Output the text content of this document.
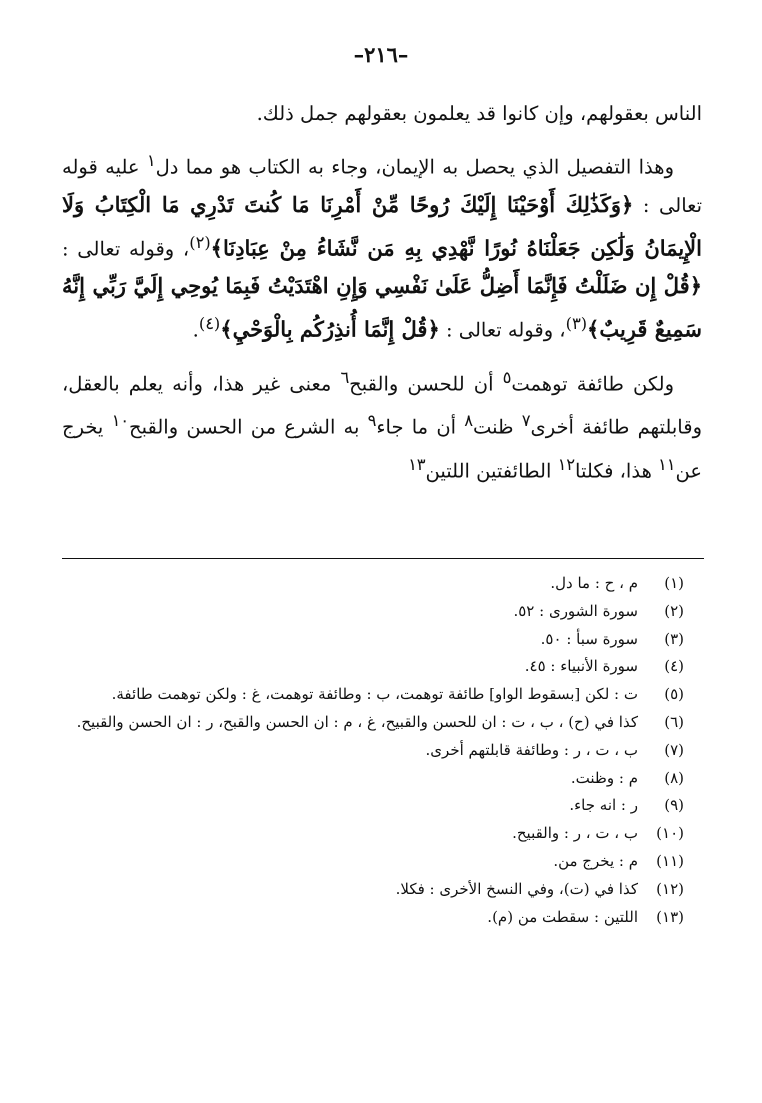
–٢١٦–

الناس بعقولهم، وإن كانوا قد يعلمون بعقولهم جمل ذلك.

وهذا التفصيل الذي يحصل به الإيمان، وجاء به الكتاب هو مما دل$^١$ عليه قوله تعالى : ﴿وَكَذَٰلِكَ أَوْحَيْنَا إِلَيْكَ رُوحًا مِّنْ أَمْرِنَا مَا كُنتَ تَدْرِي مَا الْكِتَابُ وَلَا الْإِيمَانُ وَلَٰكِن جَعَلْنَاهُ نُورًا نَّهْدِي بِهِ مَن نَّشَاءُ مِنْ عِبَادِنَا﴾$^{(٢)}$، وقوله تعالى : ﴿قُلْ إِن ضَلَلْتُ فَإِنَّمَا أَضِلُّ عَلَىٰ نَفْسِي وَإِنِ اهْتَدَيْتُ فَبِمَا يُوحِي إِلَيَّ رَبِّي إِنَّهُ سَمِيعٌ قَرِيبٌ﴾$^{(٣)}$، وقوله تعالى : ﴿قُلْ إِنَّمَا أُنذِرُكُم بِالْوَحْيِ﴾$^{(٤)}$.

ولكن طائفة توهمت$^٥$ أن للحسن والقبح$^٦$ معنى غير هذا، وأنه يعلم بالعقل، وقابلتهم طائفة أخرى$^٧$ ظنت$^٨$ أن ما جاء$^٩$ به الشرع من الحسن والقبح$^{١٠}$ يخرج عن$^{١١}$ هذا، فكلتا$^{١٢}$ الطائفتين اللتين$^{١٣}$

(١)
م ، ح : ما دل.
(٢)
سورة الشورى : ٥٢.
(٣)
سورة سبأ : ٥٠.
(٤)
سورة الأنبياء : ٤٥.
(٥)
ت : لكن [بسقوط الواو] طائفة توهمت، ب : وطائفة توهمت، غ : ولكن توهمت طائفة.
(٦)
كذا في (ح) ، ب ، ت : ان للحسن والقبيح، غ ، م : ان الحسن والقبح، ر : ان الحسن والقبيح.
(٧)
ب ، ت ، ر : وطائفة قابلتهم أخرى.
(٨)
م : وظنت.
(٩)
ر : انه جاء.
(١٠)
ب ، ت ، ر : والقبيح.
(١١)
م : يخرج من.
(١٢)
كذا في (ت)، وفي النسخ الأخرى : فكلا.
(١٣)
اللتين : سقطت من (م).
